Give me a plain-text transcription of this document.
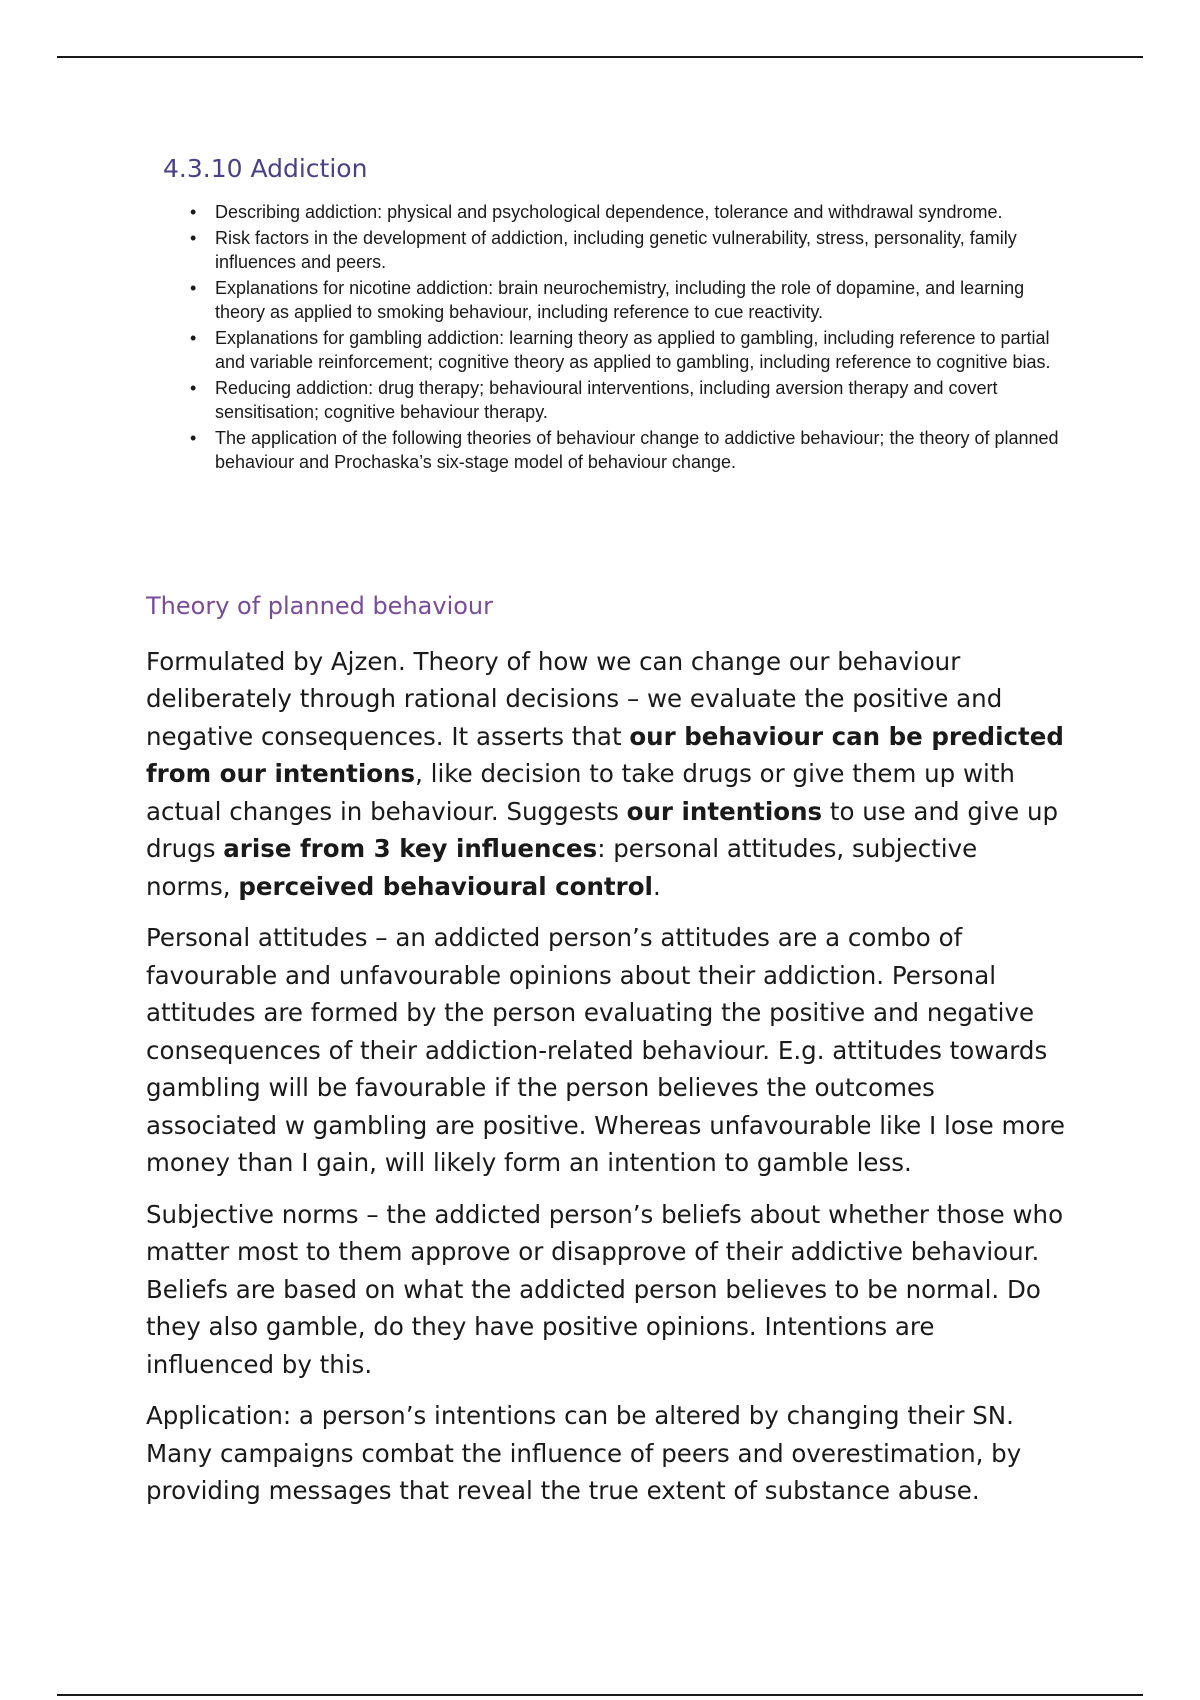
4.3.10 Addiction
• Describing addiction: physical and psychological dependence, tolerance and withdrawal syndrome.
• Risk factors in the development of addiction, including genetic vulnerability, stress, personality, family influences and peers.
• Explanations for nicotine addiction: brain neurochemistry, including the role of dopamine, and learning theory as applied to smoking behaviour, including reference to cue reactivity.
• Explanations for gambling addiction: learning theory as applied to gambling, including reference to partial and variable reinforcement; cognitive theory as applied to gambling, including reference to cognitive bias.
• Reducing addiction: drug therapy; behavioural interventions, including aversion therapy and covert sensitisation; cognitive behaviour therapy.
• The application of the following theories of behaviour change to addictive behaviour; the theory of planned behaviour and Prochaska’s six-stage model of behaviour change.
Theory of planned behaviour

Formulated by Ajzen. Theory of how we can change our behaviour deliberately through rational decisions – we evaluate the positive and negative consequences. It asserts that our behaviour can be predicted from our intentions, like decision to take drugs or give them up with actual changes in behaviour. Suggests our intentions to use and give up drugs arise from 3 key influences: personal attitudes, subjective norms, perceived behavioural control.

Personal attitudes – an addicted person’s attitudes are a combo of favourable and unfavourable opinions about their addiction. Personal attitudes are formed by the person evaluating the positive and negative consequences of their addiction-related behaviour. E.g. attitudes towards gambling will be favourable if the person believes the outcomes associated w gambling are positive. Whereas unfavourable like I lose more money than I gain, will likely form an intention to gamble less.

Subjective norms – the addicted person’s beliefs about whether those who matter most to them approve or disapprove of their addictive behaviour. Beliefs are based on what the addicted person believes to be normal. Do they also gamble, do they have positive opinions. Intentions are influenced by this.

Application: a person’s intentions can be altered by changing their SN. Many campaigns combat the influence of peers and overestimation, by providing messages that reveal the true extent of substance abuse.
